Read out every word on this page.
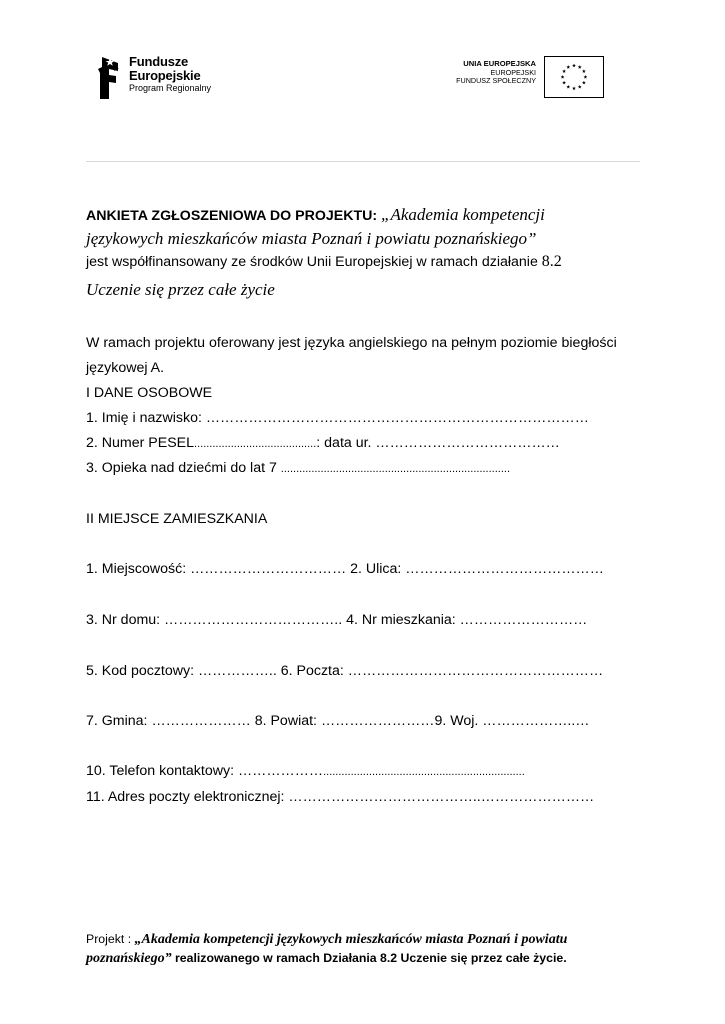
Fundusze
Europejskie
Program Regionalny
UNIA EUROPEJSKA
EUROPEJSKI
FUNDUSZ SPOŁECZNY
ANKIETA ZGŁOSZENIOWA DO PROJEKTU: „Akademia kompetencji
językowych mieszkańców miasta Poznań i powiatu poznańskiego”
jest współfinansowany ze środków Unii Europejskiej w ramach działanie 8.2
Uczenie się przez całe życie
W ramach projektu oferowany jest języka angielskiego na pełnym poziomie biegłości
językowej A.
I DANE OSOBOWE
1. Imię i nazwisko: ………………………………………………………………………
2. Numer PESEL........................................: data ur. …………………………………
3. Opieka nad dziećmi do lat 7 ...........................................................................
II MIEJSCE ZAMIESZKANIA
1. Miejscowość: …………………………… 2. Ulica: ……………………………………
3. Nr domu: ……………………………….. 4. Nr mieszkania: ………………………
5. Kod pocztowy: …………….. 6. Poczta: ………………………………………………
7. Gmina: ………………… 8. Powiat: ……………………9. Woj. ………………..…
10. Telefon kontaktowy: ………………..................................................................
11. Adres poczty elektronicznej: …………………………………..……………………
Projekt : „Akademia kompetencji językowych mieszkańców miasta Poznań i powiatu
poznańskiego” realizowanego w ramach Działania 8.2 Uczenie się przez całe życie.
